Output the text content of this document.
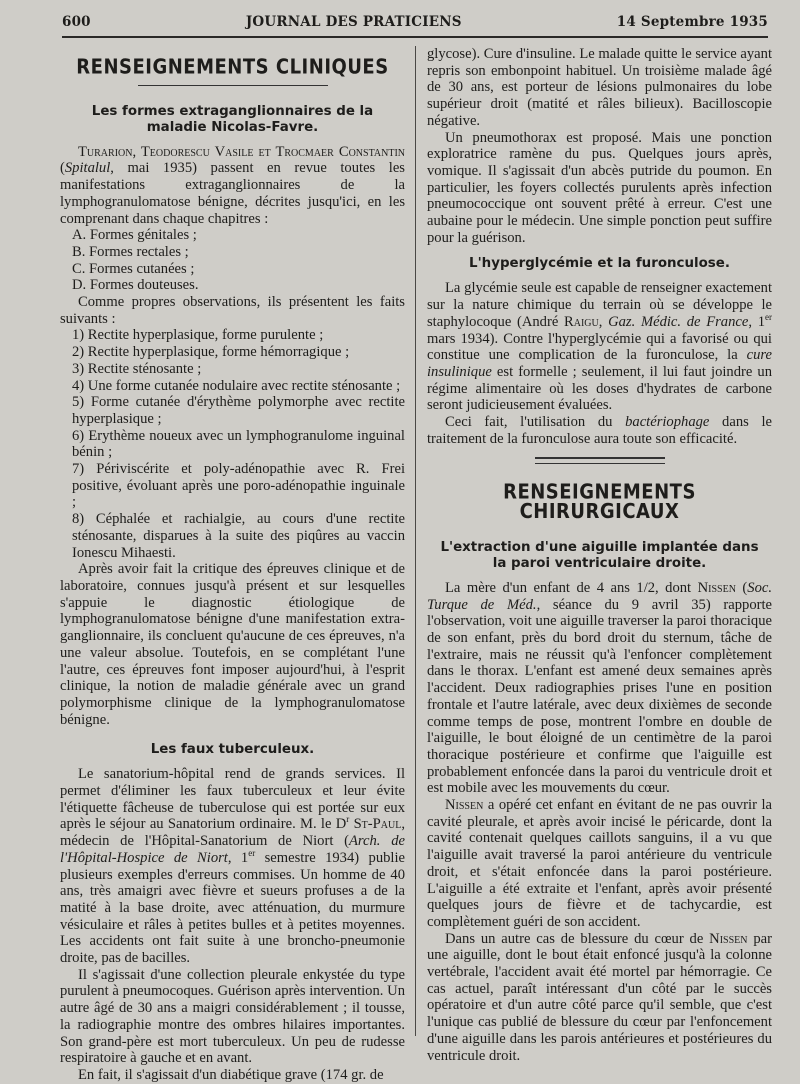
600	JOURNAL DES PRATICIENS	14 Septembre 1935
RENSEIGNEMENTS CLINIQUES
Les formes extraganglionnaires de la maladie Nicolas-Favre.

Turarion, Teodorescu Vasile et Trocmaer Constantin (Spitalul, mai 1935) passent en revue toutes les manifestations extraganglionnaires de la lymphogranulomatose bénigne, décrites jusqu'ici, en les comprenant dans chaque chapitres :

A. Formes génitales ;

B. Formes rectales ;

C. Formes cutanées ;

D. Formes douteuses.

Comme propres observations, ils présentent les faits suivants :

1) Rectite hyperplasique, forme purulente ;

2) Rectite hyperplasique, forme hémorragique ;

3) Rectite sténosante ;

4) Une forme cutanée nodulaire avec rectite sténosante ;

5) Forme cutanée d'érythème polymorphe avec rectite hyperplasique ;

6) Erythème noueux avec un lymphogranulome inguinal bénin ;

7) Périviscérite et poly-adénopathie avec R. Frei positive, évoluant après une poro-adénopathie inguinale ;

8) Céphalée et rachialgie, au cours d'une rectite sténosante, disparues à la suite des piqûres au vaccin Ionescu Mihaesti.

Après avoir fait la critique des épreuves clinique et de laboratoire, connues jusqu'à présent et sur lesquelles s'appuie le diagnostic étiologique de lymphogranulomatose bénigne d'une manifestation extra-ganglionnaire, ils concluent qu'aucune de ces épreuves, n'a une valeur absolue. Toutefois, en se complétant l'une l'autre, ces épreuves font imposer aujourd'hui, à l'esprit clinique, la notion de maladie générale avec un grand polymorphisme clinique de la lymphogranulomatose bénigne.

Les faux tuberculeux.

Le sanatorium-hôpital rend de grands services. Il permet d'éliminer les faux tuberculeux et leur évite l'étiquette fâcheuse de tuberculose qui est portée sur eux après le séjour au Sanatorium ordinaire. M. le $D^r$ St-Paul, médecin de l'Hôpital-Sanatorium de Niort (Arch. de l'Hôpital-Hospice de Niort, 1er semestre 1934) publie plusieurs exemples d'erreurs commises. Un homme de 40 ans, très amaigri avec fièvre et sueurs profuses a de la matité à la base droite, avec atténuation, du murmure vésiculaire et râles à petites bulles et à petites moyennes. Les accidents ont fait suite à une broncho-pneumonie droite, pas de bacilles.

Il s'agissait d'une collection pleurale enkystée du type purulent à pneumocoques. Guérison après intervention. Un autre âgé de 30 ans a maigri considérablement ; il tousse, la radiographie montre des ombres hilaires importantes. Son grand-père est mort tuberculeux. Un peu de rudesse respiratoire à gauche et en avant.

En fait, il s'agissait d'un diabétique grave (174 gr. de

glycose). Cure d'insuline. Le malade quitte le service ayant repris son embonpoint habituel. Un troisième malade âgé de 30 ans, est porteur de lésions pulmonaires du lobe supérieur droit (matité et râles bilieux). Bacilloscopie négative.

Un pneumothorax est proposé. Mais une ponction exploratrice ramène du pus. Quelques jours après, vomique. Il s'agissait d'un abcès putride du poumon. En particulier, les foyers collectés purulents après infection pneumococcique ont souvent prêté à erreur. C'est une aubaine pour le médecin. Une simple ponction peut suffire pour la guérison.

L'hyperglycémie et la furonculose.

La glycémie seule est capable de renseigner exactement sur la nature chimique du terrain où se développe le staphylocoque (André Raigu, Gaz. Médic. de France, 1er mars 1934). Contre l'hyperglycémie qui a favorisé ou qui constitue une complication de la furonculose, la cure insulinique est formelle ; seulement, il lui faut joindre un régime alimentaire où les doses d'hydrates de carbone seront judicieusement évaluées.

Ceci fait, l'utilisation du bactériophage dans le traitement de la furonculose aura toute son efficacité.

RENSEIGNEMENTS CHIRURGICAUX
L'extraction d'une aiguille implantée dans la paroi ventriculaire droite.

La mère d'un enfant de 4 ans 1/2, dont Nissen (Soc. Turque de Méd., séance du 9 avril 35) rapporte l'observation, voit une aiguille traverser la paroi thoracique de son enfant, près du bord droit du sternum, tâche de l'extraire, mais ne réussit qu'à l'enfoncer complètement dans le thorax. L'enfant est amené deux semaines après l'accident. Deux radiographies prises l'une en position frontale et l'autre latérale, avec deux dixièmes de seconde comme temps de pose, montrent l'ombre en double de l'aiguille, le bout éloigné de un centimètre de la paroi thoracique postérieure et confirme que l'aiguille est probablement enfoncée dans la paroi du ventricule droit et est mobile avec les mouvements du cœur.

Nissen a opéré cet enfant en évitant de ne pas ouvrir la cavité pleurale, et après avoir incisé le péricarde, dont la cavité contenait quelques caillots sanguins, il a vu que l'aiguille avait traversé la paroi antérieure du ventricule droit, et s'était enfoncée dans la paroi postérieure. L'aiguille a été extraite et l'enfant, après avoir présenté quelques jours de fièvre et de tachycardie, est complètement guéri de son accident.

Dans un autre cas de blessure du cœur de Nissen par une aiguille, dont le bout était enfoncé jusqu'à la colonne vertébrale, l'accident avait été mortel par hémorragie. Ce cas actuel, paraît intéressant d'un côté par le succès opératoire et d'un autre côté parce qu'il semble, que c'est l'unique cas publié de blessure du cœur par l'enfoncement d'une aiguille dans les parois antérieures et postérieures du ventricule droit.
